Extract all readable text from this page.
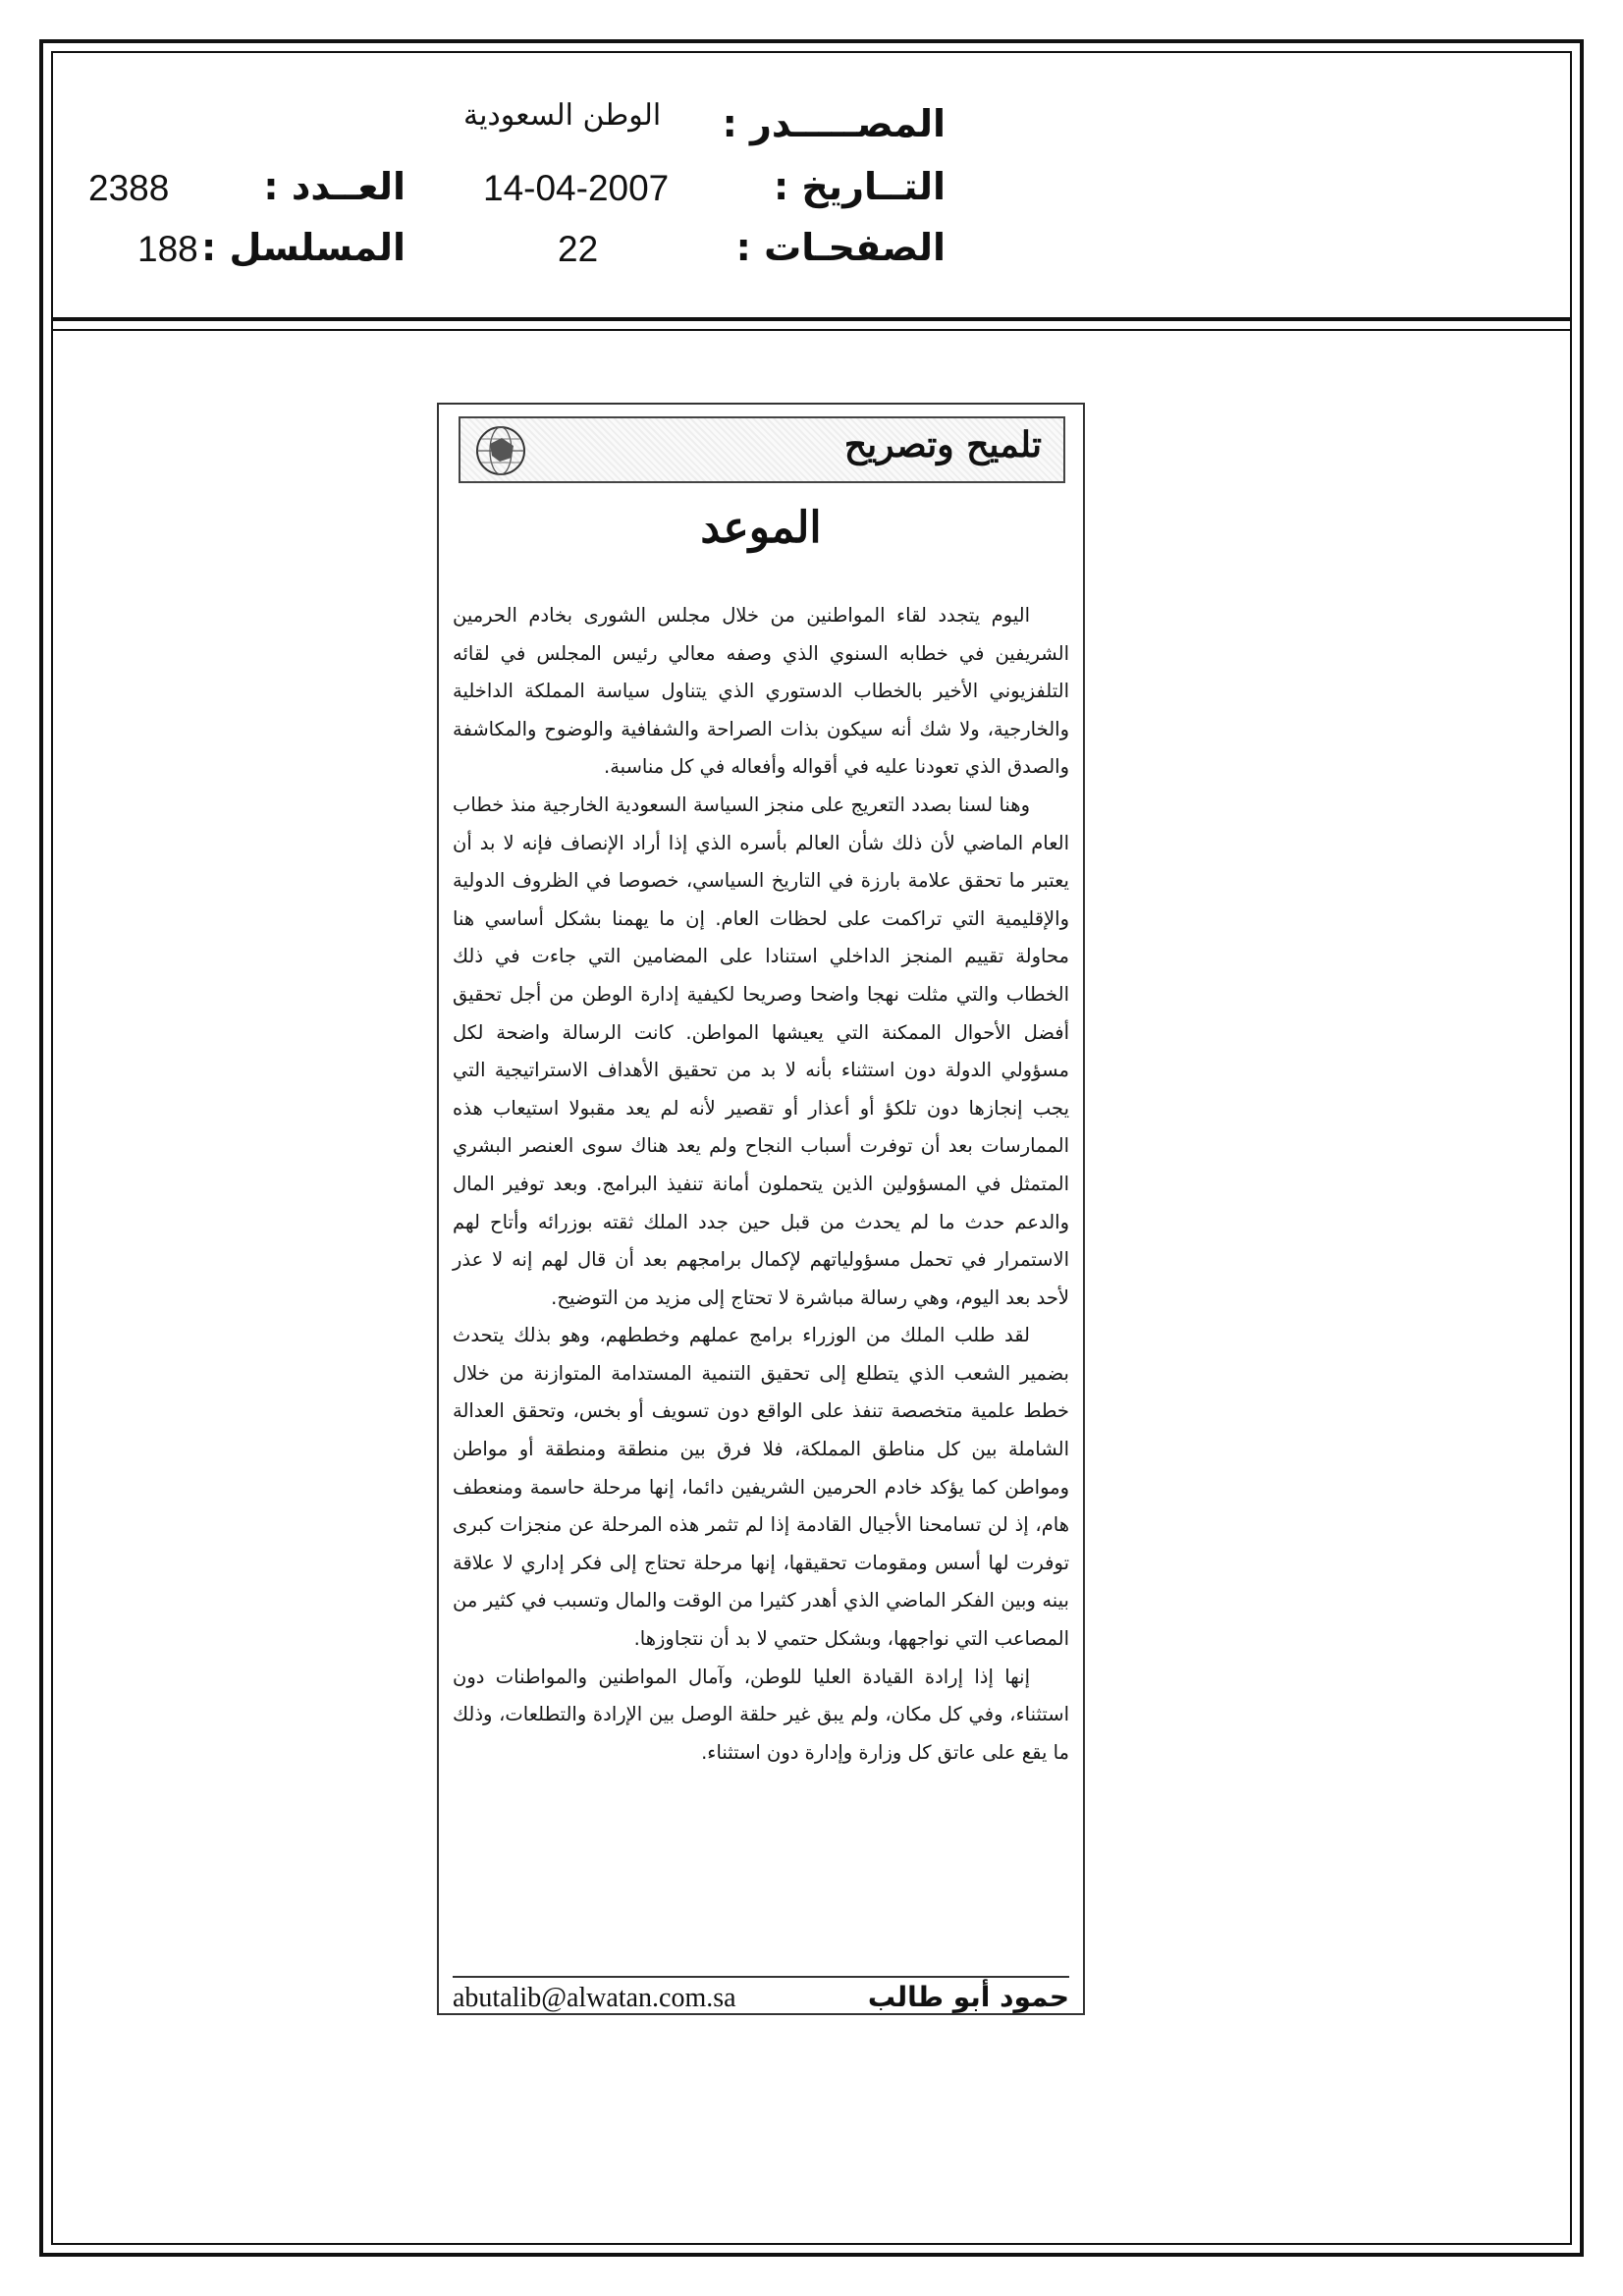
المصـــــدر :
التــاريخ :
الصفحـات :
الوطن السعودية
14-04-2007
22
العــدد :
المسلسل :
2388
188
تلميح وتصريح
الموعد

اليوم يتجدد لقاء المواطنين من خلال مجلس الشورى بخادم الحرمين الشريفين في خطابه السنوي الذي وصفه معالي رئيس المجلس في لقائه التلفزيوني الأخير بالخطاب الدستوري الذي يتناول سياسة المملكة الداخلية والخارجية، ولا شك أنه سيكون بذات الصراحة والشفافية والوضوح والمكاشفة والصدق الذي تعودنا عليه في أقواله وأفعاله في كل مناسبة.

وهنا لسنا بصدد التعريج على منجز السياسة السعودية الخارجية منذ خطاب العام الماضي لأن ذلك شأن العالم بأسره الذي إذا أراد الإنصاف فإنه لا بد أن يعتبر ما تحقق علامة بارزة في التاريخ السياسي، خصوصا في الظروف الدولية والإقليمية التي تراكمت على لحظات العام. إن ما يهمنا بشكل أساسي هنا محاولة تقييم المنجز الداخلي استنادا على المضامين التي جاءت في ذلك الخطاب والتي مثلت نهجا واضحا وصريحا لكيفية إدارة الوطن من أجل تحقيق أفضل الأحوال الممكنة التي يعيشها المواطن. كانت الرسالة واضحة لكل مسؤولي الدولة دون استثناء بأنه لا بد من تحقيق الأهداف الاستراتيجية التي يجب إنجازها دون تلكؤ أو أعذار أو تقصير لأنه لم يعد مقبولا استيعاب هذه الممارسات بعد أن توفرت أسباب النجاح ولم يعد هناك سوى العنصر البشري المتمثل في المسؤولين الذين يتحملون أمانة تنفيذ البرامج. وبعد توفير المال والدعم حدث ما لم يحدث من قبل حين جدد الملك ثقته بوزرائه وأتاح لهم الاستمرار في تحمل مسؤولياتهم لإكمال برامجهم بعد أن قال لهم إنه لا عذر لأحد بعد اليوم، وهي رسالة مباشرة لا تحتاج إلى مزيد من التوضيح.

لقد طلب الملك من الوزراء برامج عملهم وخططهم، وهو بذلك يتحدث بضمير الشعب الذي يتطلع إلى تحقيق التنمية المستدامة المتوازنة من خلال خطط علمية متخصصة تنفذ على الواقع دون تسويف أو بخس، وتحقق العدالة الشاملة بين كل مناطق المملكة، فلا فرق بين منطقة ومنطقة أو مواطن ومواطن كما يؤكد خادم الحرمين الشريفين دائما، إنها مرحلة حاسمة ومنعطف هام، إذ لن تسامحنا الأجيال القادمة إذا لم تثمر هذه المرحلة عن منجزات كبرى توفرت لها أسس ومقومات تحقيقها، إنها مرحلة تحتاج إلى فكر إداري لا علاقة بينه وبين الفكر الماضي الذي أهدر كثيرا من الوقت والمال وتسبب في كثير من المصاعب التي نواجهها، وبشكل حتمي لا بد أن نتجاوزها.

إنها إذا إرادة القيادة العليا للوطن، وآمال المواطنين والمواطنات دون استثناء، وفي كل مكان، ولم يبق غير حلقة الوصل بين الإرادة والتطلعات، وذلك ما يقع على عاتق كل وزارة وإدارة دون استثناء.

abutalib@alwatan.com.sa	حمود أبو طالب
